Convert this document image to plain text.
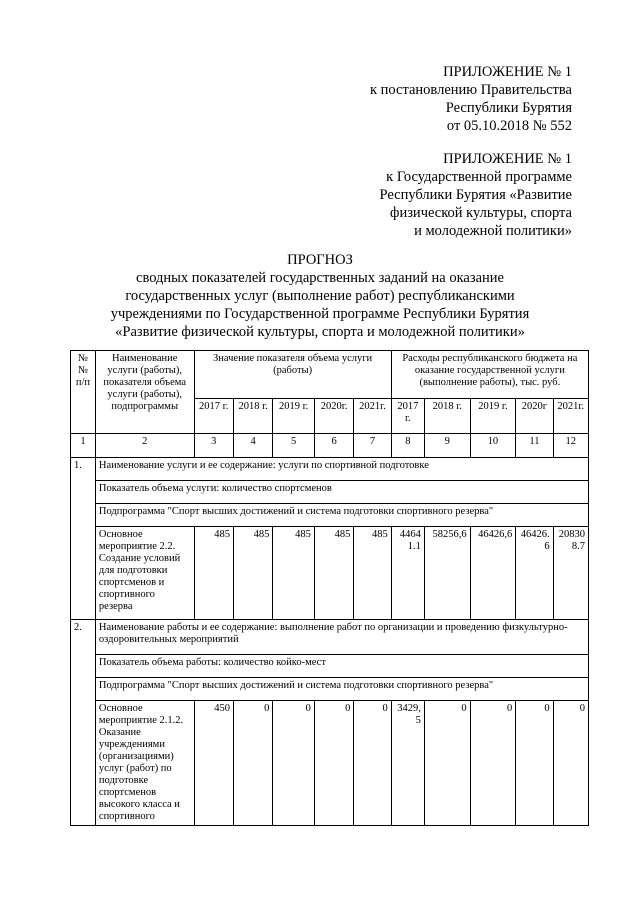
ПРИЛОЖЕНИЕ № 1
к постановлению Правительства
Республики Бурятия
от 05.10.2018 № 552
ПРИЛОЖЕНИЕ № 1
к Государственной программе
Республики Бурятия «Развитие
физической культуры, спорта
и молодежной политики»
ПРОГНОЗ
сводных показателей государственных заданий на оказание
государственных услуг (выполнение работ) республиканскими
учреждениями по Государственной программе Республики Бурятия
«Развитие физической культуры, спорта и молодежной политики»
№ № п/п	Наименование услуги (работы), показателя объема услуги (работы), подпрограммы	Значение показателя объема услуги (работы)					Расходы республиканского бюджета на оказание государственной услуги (выполнение работы), тыс. руб.				
		2017 г.	2018 г.	2019 г.	2020г.	2021г.	2017 г.	2018 г.	2019 г.	2020г	2021г.
1	2	3	4	5	6	7	8	9	10	11	12
1.	Наименование услуги и ее содержание: услуги по спортивной подготовке										
	Показатель объема услуги: количество спортсменов										
	Подпрограмма "Спорт высших достижений и система подготовки спортивного резерва"										
	Основное мероприятие 2.2. Создание условий для подготовки спортсменов и спортивного резерва	485	485	485	485	485	44641.1	58256,6	46426,6	46426.6	208308.7
2.	Наименование работы и ее содержание: выполнение работ по организации и проведению физкультурно-оздоровительных мероприятий										
	Показатель объема работы: количество койко-мест										
	Подпрограмма "Спорт высших достижений и система подготовки спортивного резерва"										
	Основное мероприятие 2.1.2. Оказание учреждениями (организациями) услуг (работ) по подготовке спортсменов высокого класса и спортивного	450	0	0	0	0	3429,5	0	0	0	0
